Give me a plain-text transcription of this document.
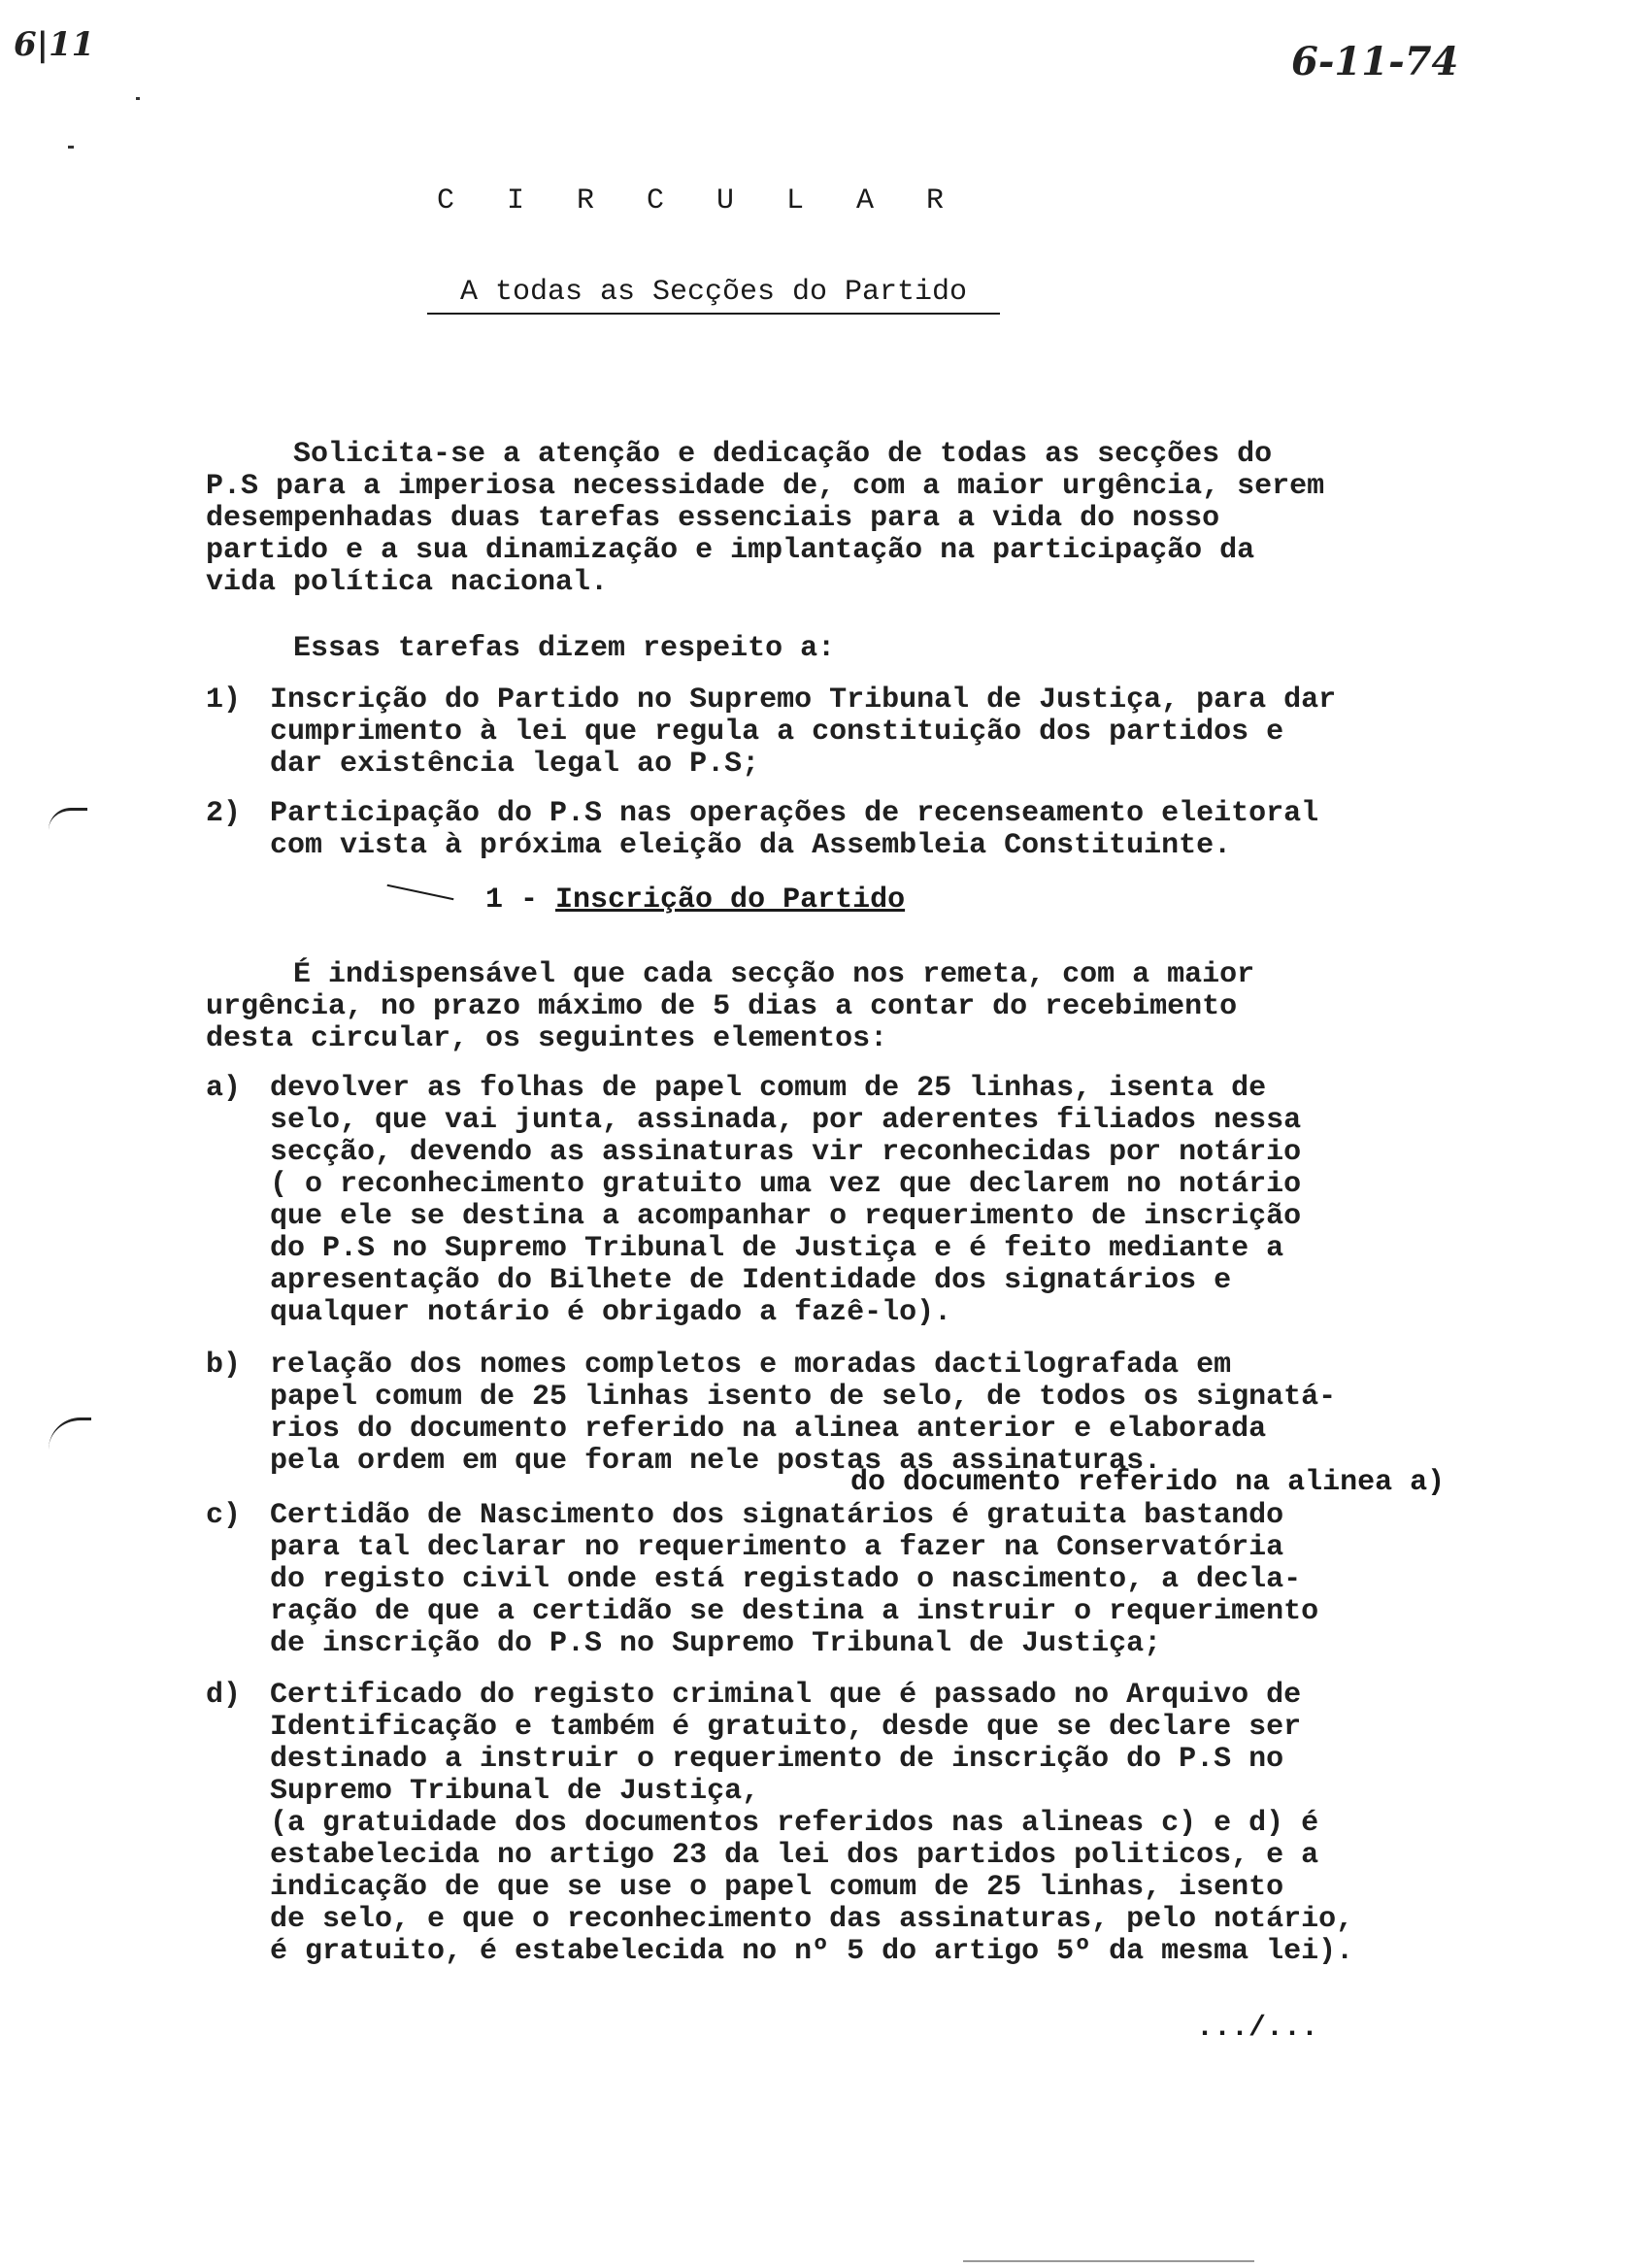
6|11	6-11-74
C I R C U L A R
A todas as Secções do Partido
Solicita-se a atenção e dedicação de todas as secções do
P.S para a imperiosa necessidade de, com a maior urgência, serem
desempenhadas duas tarefas essenciais para a vida do nosso
partido e a sua dinamização e implantação na participação da
vida política nacional.
Essas tarefas dizem respeito a:
1) Inscrição do Partido no Supremo Tribunal de Justiça, para dar
cumprimento à lei que regula a constituição dos partidos e
dar existência legal ao P.S;
2) Participação do P.S nas operações de recenseamento eleitoral
com vista à próxima eleição da Assembleia Constituinte.
1 - Inscrição do Partido
É indispensável que cada secção nos remeta, com a maior
urgência, no prazo máximo de 5 dias a contar do recebimento
desta circular, os seguintes elementos:
a) devolver as folhas de papel comum de 25 linhas, isenta de
selo, que vai junta, assinada, por aderentes filiados nessa
secção, devendo as assinaturas vir reconhecidas por notário
( o reconhecimento gratuito uma vez que declarem no notário
que ele se destina a acompanhar o requerimento de inscrição
do P.S no Supremo Tribunal de Justiça e é feito mediante a
apresentação do Bilhete de Identidade dos signatários e
qualquer notário é obrigado a fazê-lo).
b) relação dos nomes completos e moradas dactilografada em
papel comum de 25 linhas isento de selo, de todos os signatá-
rios do documento referido na alinea anterior e elaborada
pela ordem em que foram nele postas as assinaturas.
do documento referido na alinea a)
c) Certidão de Nascimento dos signatários é gratuita bastando
para tal declarar no requerimento a fazer na Conservatória
do registo civil onde está registado o nascimento, a decla-
ração de que a certidão se destina a instruir o requerimento
de inscrição do P.S no Supremo Tribunal de Justiça;
d) Certificado do registo criminal que é passado no Arquivo de
Identificação e também é gratuito, desde que se declare ser
destinado a instruir o requerimento de inscrição do P.S no
Supremo Tribunal de Justiça,
(a gratuidade dos documentos referidos nas alineas c) e d) é
estabelecida no artigo 23 da lei dos partidos politicos, e a
indicação de que se use o papel comum de 25 linhas, isento
de selo, e que o reconhecimento das assinaturas, pelo notário,
é gratuito, é estabelecida no nº 5 do artigo 5º da mesma lei).
.../...
